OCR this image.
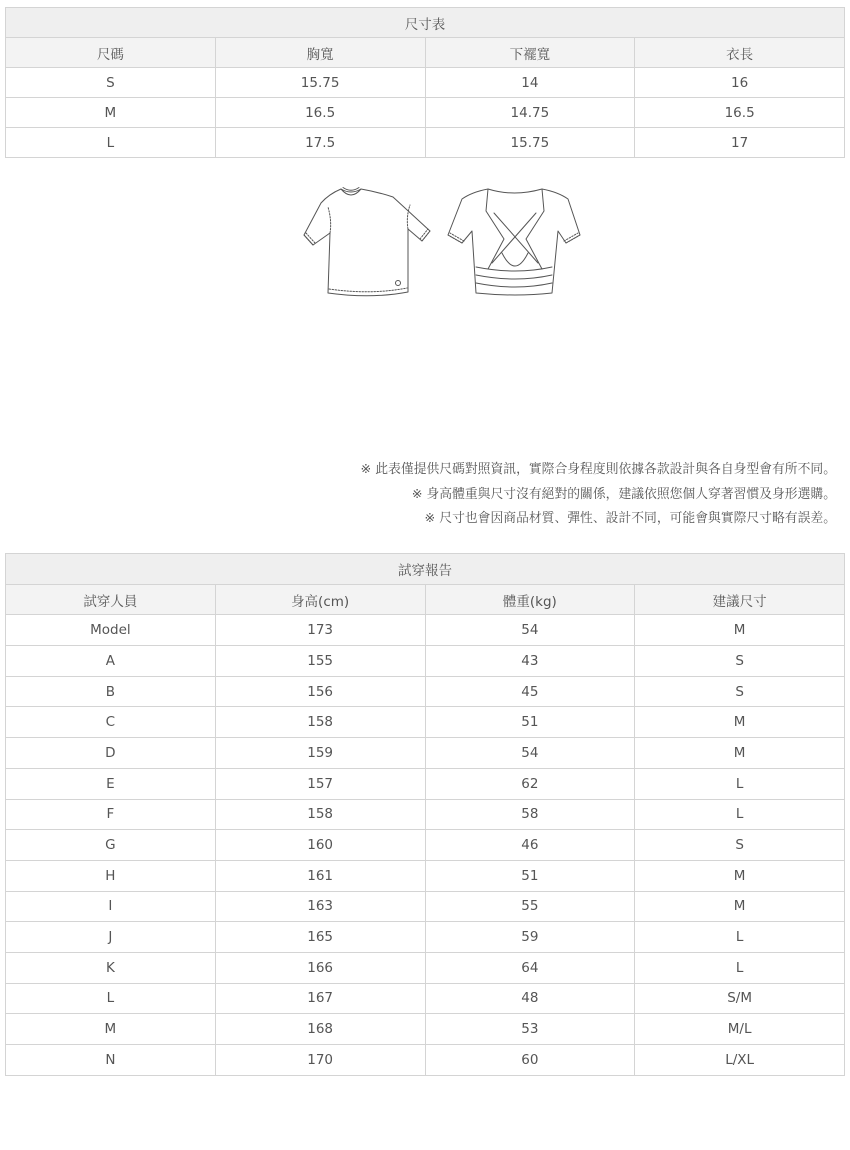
尺寸表			
尺碼	胸寬	下襬寬	衣長
S	15.75	14	16
M	16.5	14.75	16.5
L	17.5	15.75	17
※ 此表僅提供尺碼對照資訊，實際合身程度則依據各款設計與各自身型會有所不同。
※ 身高體重與尺寸沒有絕對的關係，建議依照您個人穿著習慣及身形選購。
※ 尺寸也會因商品材質、彈性、設計不同，可能會與實際尺寸略有誤差。
試穿報告			
試穿人員	身高(cm)	體重(kg)	建議尺寸
Model	173	54	M
A	155	43	S
B	156	45	S
C	158	51	M
D	159	54	M
E	157	62	L
F	158	58	L
G	160	46	S
H	161	51	M
I	163	55	M
J	165	59	L
K	166	64	L
L	167	48	S/M
M	168	53	M/L
N	170	60	L/XL
